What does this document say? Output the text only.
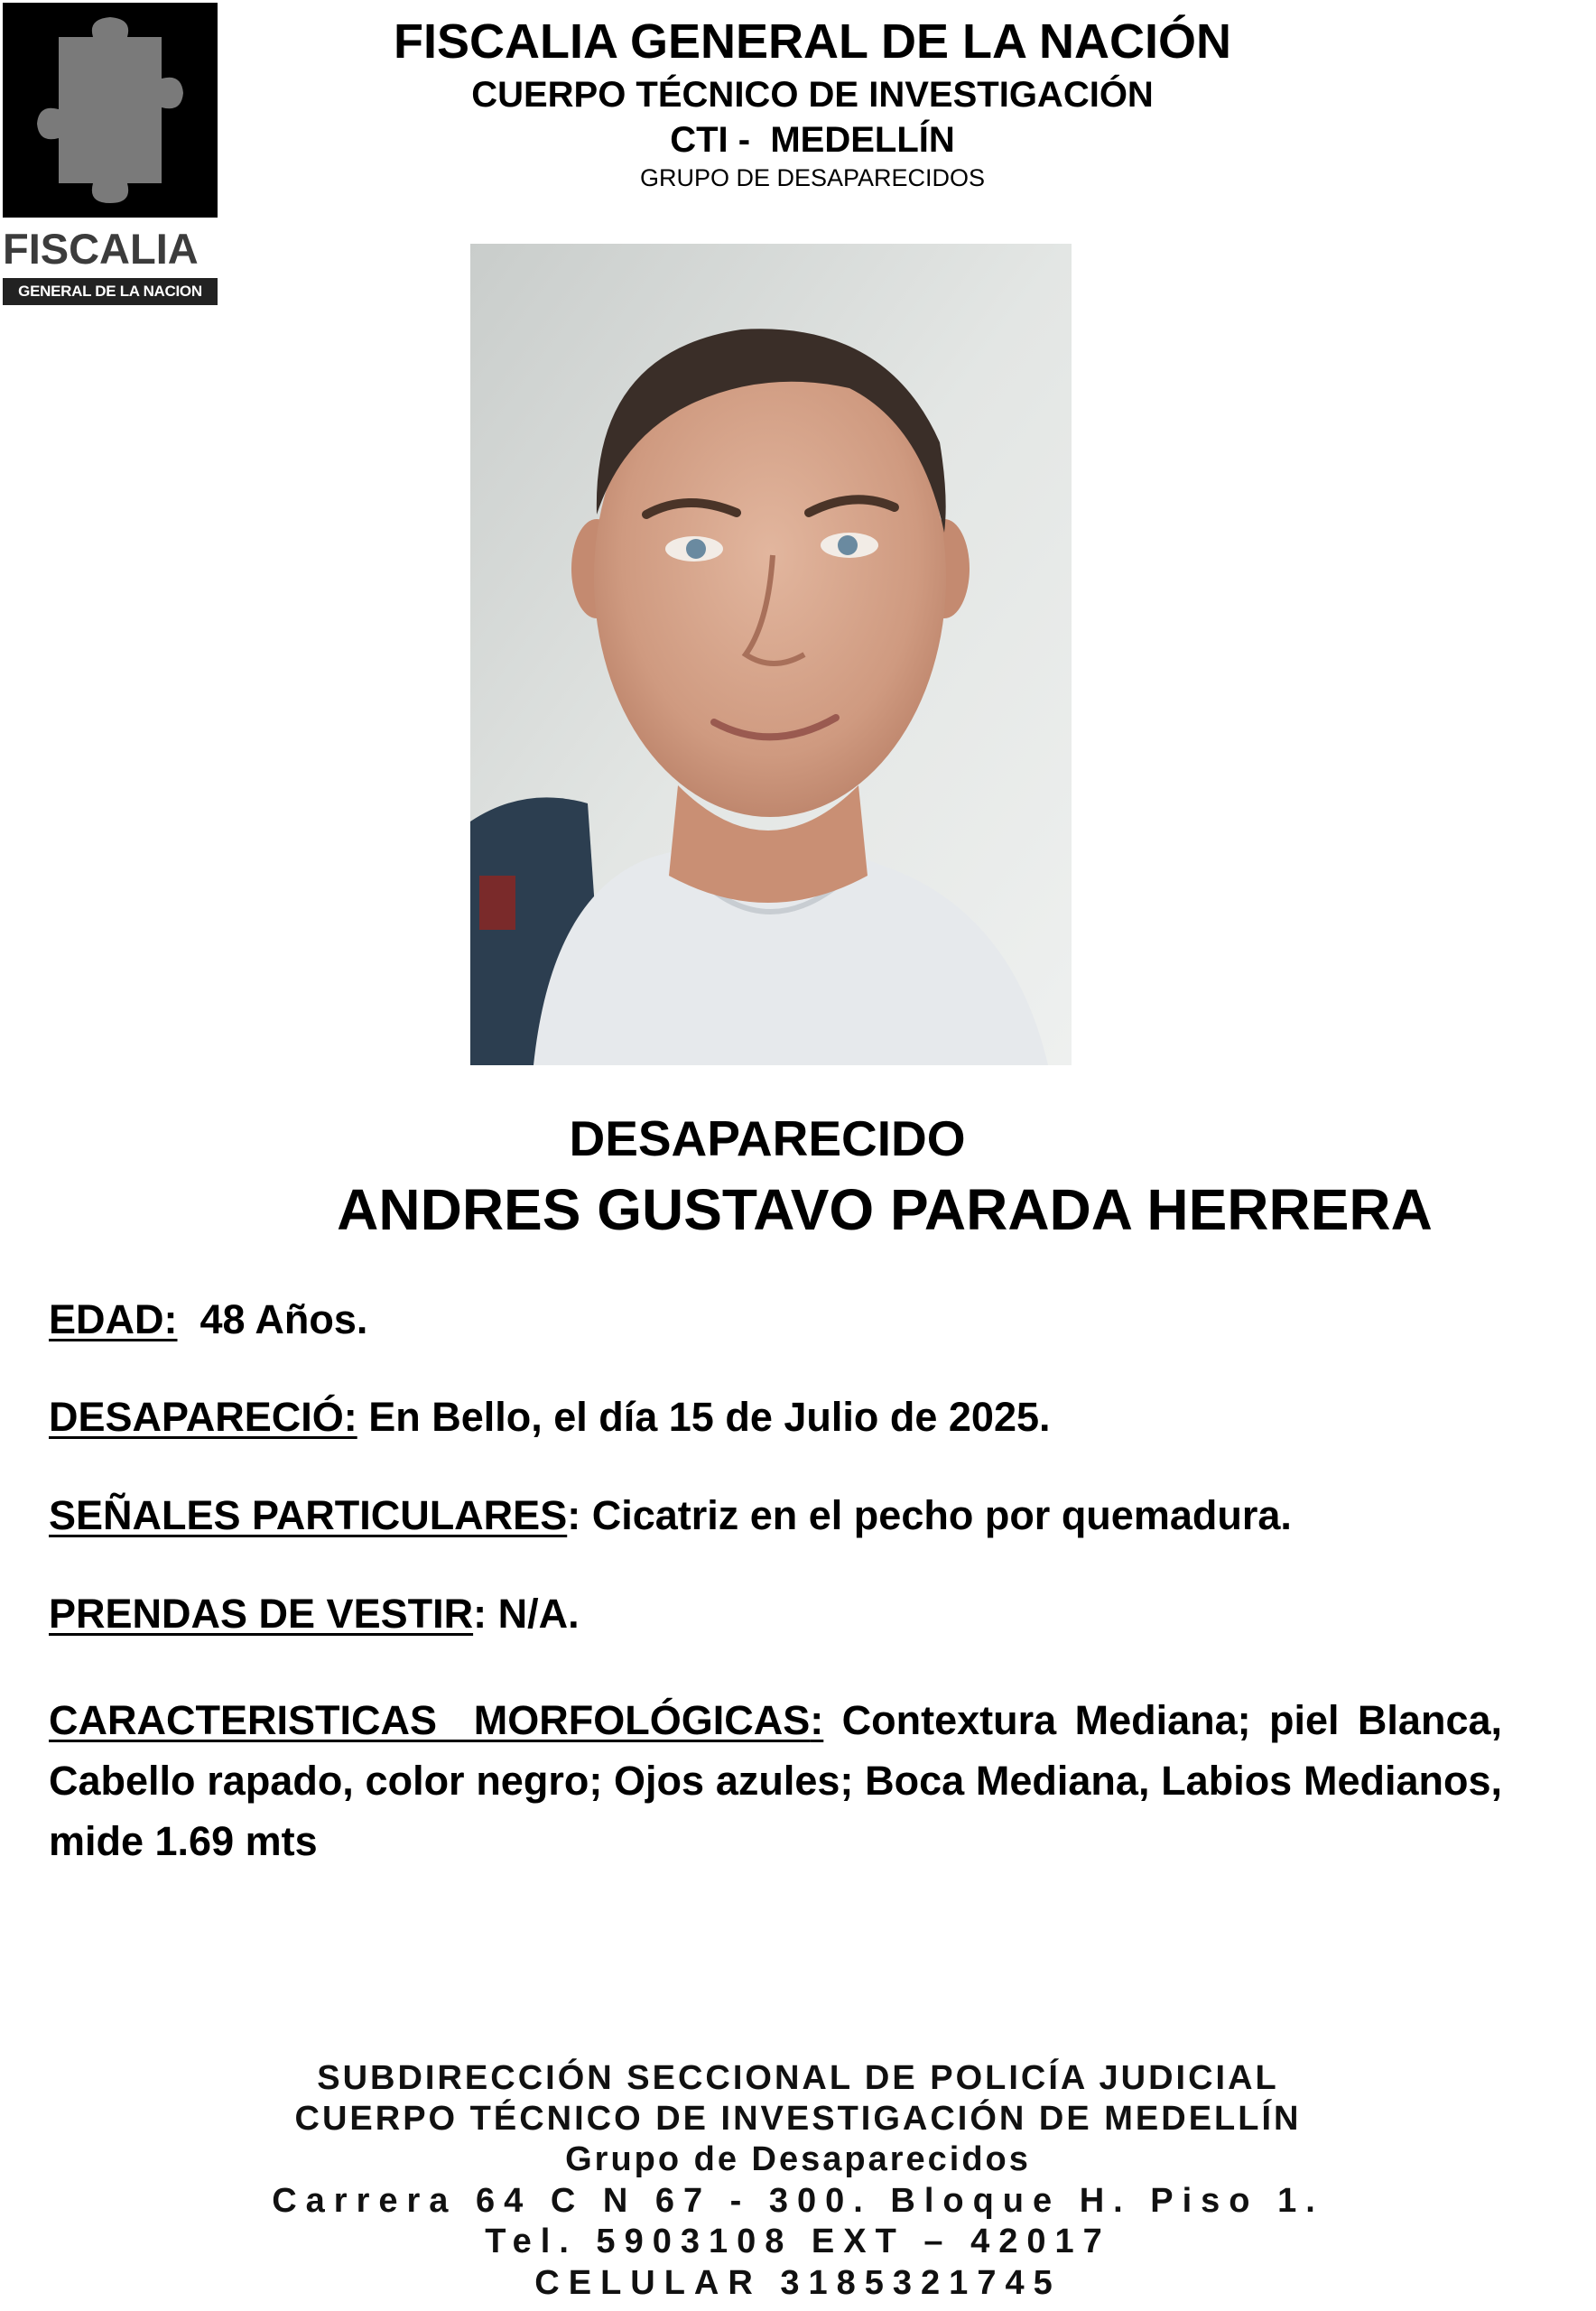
FISCALIA
GENERAL DE LA NACION
FISCALIA GENERAL DE LA NACIÓN
CUERPO TÉCNICO DE INVESTIGACIÓN
CTI -  MEDELLÍN
GRUPO DE DESAPARECIDOS
DESAPARECIDO
ANDRES GUSTAVO PARADA HERRERA
EDAD:  48 Años.
DESAPARECIÓ: En Bello, el día 15 de Julio de 2025.
SEÑALES PARTICULARES: Cicatriz en el pecho por quemadura.
PRENDAS DE VESTIR: N/A.
CARACTERISTICAS  MORFOLÓGICAS: Contextura Mediana; piel Blanca, Cabello rapado, color negro; Ojos azules; Boca Mediana, Labios Medianos, mide 1.69 mts
SUBDIRECCIÓN SECCIONAL DE POLICÍA JUDICIAL
CUERPO TÉCNICO DE INVESTIGACIÓN DE MEDELLÍN
Grupo de Desaparecidos
Carrera 64 C N 67 - 300. Bloque H. Piso 1.
Tel. 5903108 EXT – 42017
CELULAR 3185321745
